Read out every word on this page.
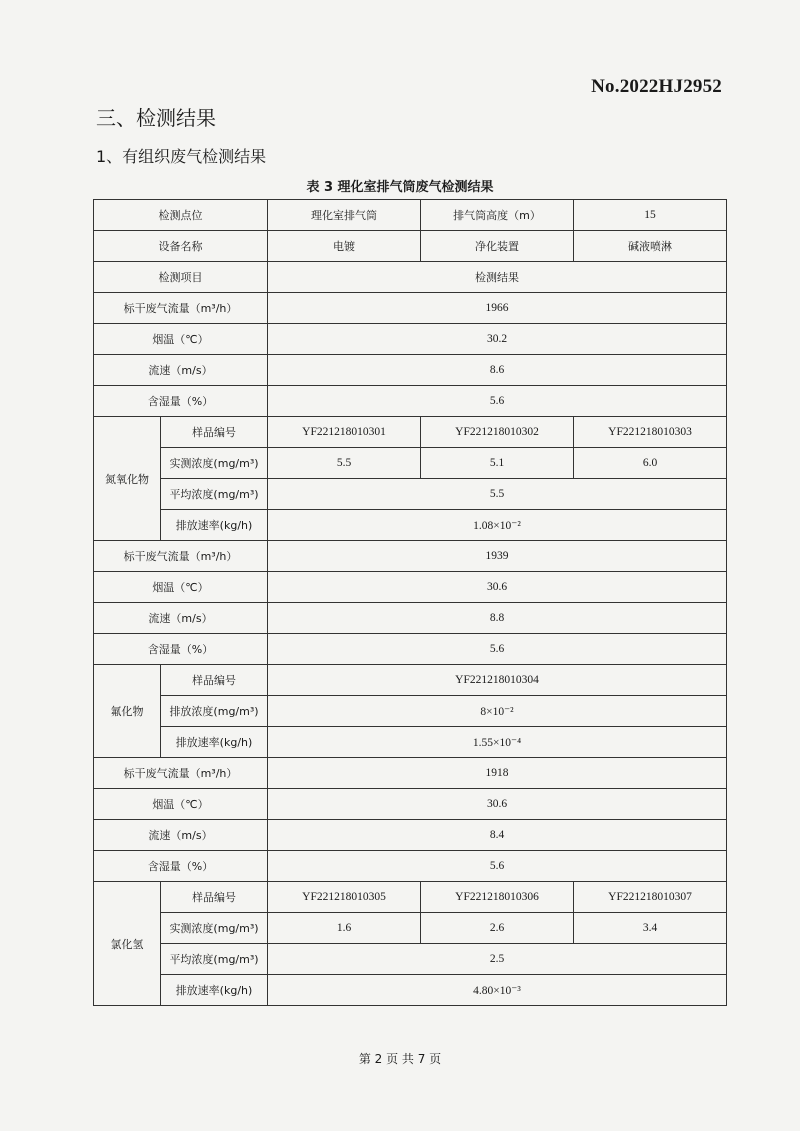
No.2022HJ2952
三、检测结果
1、有组织废气检测结果
表 3 理化室排气筒废气检测结果
检测点位		理化室排气筒	排气筒高度（m）	15
设备名称		电镀	净化装置	碱液喷淋
检测项目		检测结果		
标干废气流量（m³/h）		1966		
烟温（℃）		30.2		
流速（m/s）		8.6		
含湿量（%）		5.6		
氮氧化物	样品编号	YF221218010301	YF221218010302	YF221218010303
	实测浓度(mg/m³)	5.5	5.1	6.0
	平均浓度(mg/m³)	5.5		
	排放速率(kg/h)	1.08×10⁻²		
标干废气流量（m³/h）		1939		
烟温（℃）		30.6		
流速（m/s）		8.8		
含湿量（%）		5.6		
氟化物	样品编号	YF221218010304		
	排放浓度(mg/m³)	8×10⁻²		
	排放速率(kg/h)	1.55×10⁻⁴		
标干废气流量（m³/h）		1918		
烟温（℃）		30.6		
流速（m/s）		8.4		
含湿量（%）		5.6		
氯化氢	样品编号	YF221218010305	YF221218010306	YF221218010307
	实测浓度(mg/m³)	1.6	2.6	3.4
	平均浓度(mg/m³)	2.5		
	排放速率(kg/h)	4.80×10⁻³		
第 2 页 共 7 页
